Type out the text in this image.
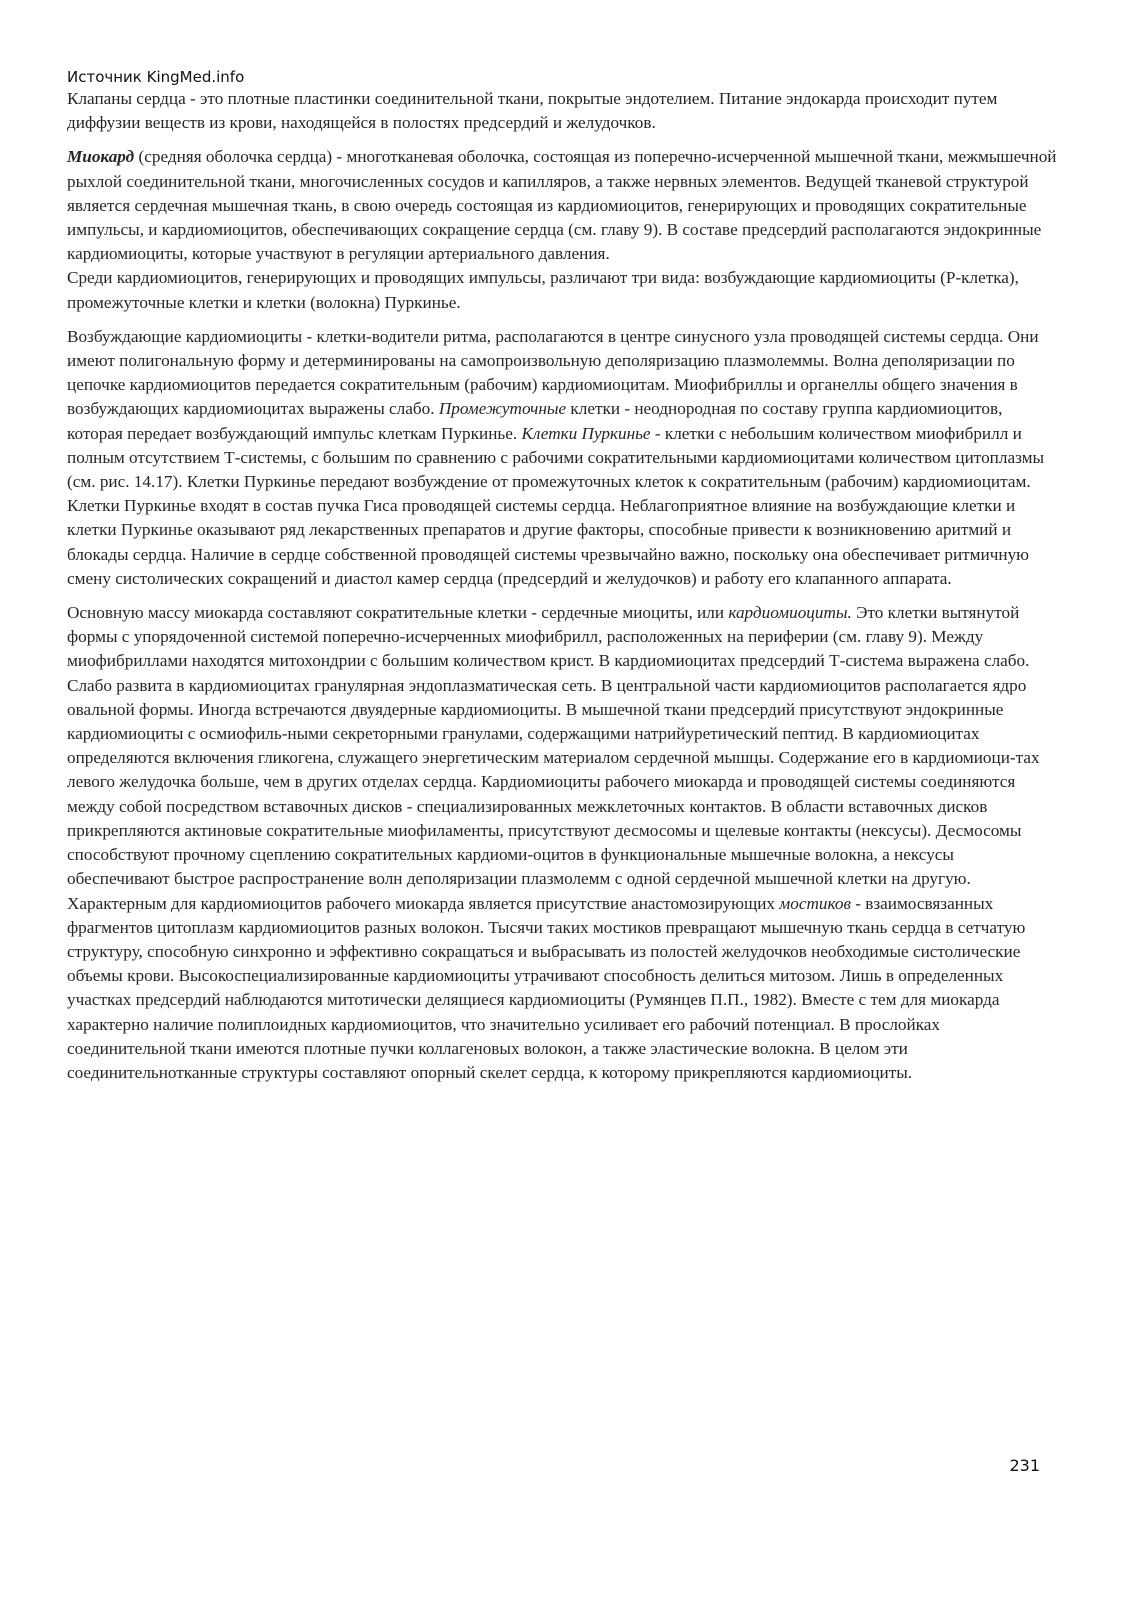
Источник KingMed.info

Клапаны сердца - это плотные пластинки соединительной ткани, покрытые эндотелием. Питание эндокарда происходит путем диффузии веществ из крови, находящейся в полостях предсердий и желудочков.

Миокард (средняя оболочка сердца) - многотканевая оболочка, состоящая из поперечно-исчерченной мышечной ткани, межмышечной рыхлой соединительной ткани, многочисленных сосудов и капилляров, а также нервных элементов. Ведущей тканевой структурой является сердечная мышечная ткань, в свою очередь состоящая из кардиомиоцитов, генерирующих и проводящих сократительные импульсы, и кардиомиоцитов, обеспечивающих сокращение сердца (см. главу 9). В составе предсердий располагаются эндокринные кардиомиоциты, которые участвуют в регуляции артериального давления.

Среди кардиомиоцитов, генерирующих и проводящих импульсы, различают три вида: возбуждающие кардиомиоциты (Р-клетка), промежуточные клетки и клетки (волокна) Пуркинье.

Возбуждающие кардиомиоциты - клетки-водители ритма, располагаются в центре синусного узла проводящей системы сердца. Они имеют полигональную форму и детерминированы на самопроизвольную деполяризацию плазмолеммы. Волна деполяризации по цепочке кардиомиоцитов передается сократительным (рабочим) кардиомиоцитам. Миофибриллы и органеллы общего значения в возбуждающих кардиомиоцитах выражены слабо. Промежуточные клетки - неоднородная по составу группа кардиомиоцитов, которая передает возбуждающий импульс клеткам Пуркинье. Клетки Пуркинье - клетки с небольшим количеством миофибрилл и полным отсутствием Т-системы, с большим по сравнению с рабочими сократительными кардиомиоцитами количеством цитоплазмы (см. рис. 14.17). Клетки Пуркинье передают возбуждение от промежуточных клеток к сократительным (рабочим) кардиомиоцитам. Клетки Пуркинье входят в состав пучка Гиса проводящей системы сердца. Неблагоприятное влияние на возбуждающие клетки и клетки Пуркинье оказывают ряд лекарственных препаратов и другие факторы, способные привести к возникновению аритмий и блокады сердца. Наличие в сердце собственной проводящей системы чрезвычайно важно, поскольку она обеспечивает ритмичную смену систолических сокращений и диастол камер сердца (предсердий и желудочков) и работу его клапанного аппарата.

Основную массу миокарда составляют сократительные клетки - сердечные миоциты, или кардиомиоциты. Это клетки вытянутой формы с упорядоченной системой поперечно-исчерченных миофибрилл, расположенных на периферии (см. главу 9). Между миофибриллами находятся митохондрии с большим количеством крист. В кардиомиоцитах предсердий Т-система выражена слабо. Слабо развита в кардиомиоцитах гранулярная эндоплазматическая сеть. В центральной части кардиомиоцитов располагается ядро овальной формы. Иногда встречаются двуядерные кардиомиоциты. В мышечной ткани предсердий присутствуют эндокринные кардиомиоциты с осмиофиль-ными секреторными гранулами, содержащими натрийуретический пептид. В кардиомиоцитах определяются включения гликогена, служащего энергетическим материалом сердечной мышцы. Содержание его в кардиомиоци-тах левого желудочка больше, чем в других отделах сердца. Кардиомиоциты рабочего миокарда и проводящей системы соединяются между собой посредством вставочных дисков - специализированных межклеточных контактов. В области вставочных дисков прикрепляются актиновые сократительные миофиламенты, присутствуют десмосомы и щелевые контакты (нексусы). Десмосомы способствуют прочному сцеплению сократительных кардиоми-оцитов в функциональные мышечные волокна, а нексусы обеспечивают быстрое распространение волн деполяризации плазмолемм с одной сердечной мышечной клетки на другую. Характерным для кардиомиоцитов рабочего миокарда является присутствие анастомозирующих мостиков - взаимосвязанных фрагментов цитоплазм кардиомиоцитов разных волокон. Тысячи таких мостиков превращают мышечную ткань сердца в сетчатую структуру, способную синхронно и эффективно сокращаться и выбрасывать из полостей желудочков необходимые систолические объемы крови. Высокоспециализированные кардиомиоциты утрачивают способность делиться митозом. Лишь в определенных участках предсердий наблюдаются митотически делящиеся кардиомиоциты (Румянцев П.П., 1982). Вместе с тем для миокарда характерно наличие полиплоидных кардиомиоцитов, что значительно усиливает его рабочий потенциал. В прослойках соединительной ткани имеются плотные пучки коллагеновых волокон, а также эластические волокна. В целом эти соединительнотканные структуры составляют опорный скелет сердца, к которому прикрепляются кардиомиоциты.

231
